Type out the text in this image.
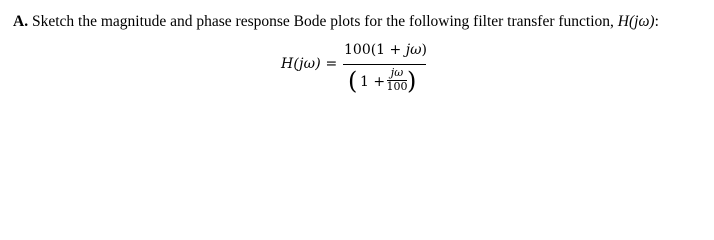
A. Sketch the magnitude and phase response Bode plots for the following filter transfer function, H(jω):
H(jω) =
100(1 + jω)
( 1 +
jω
100 )
